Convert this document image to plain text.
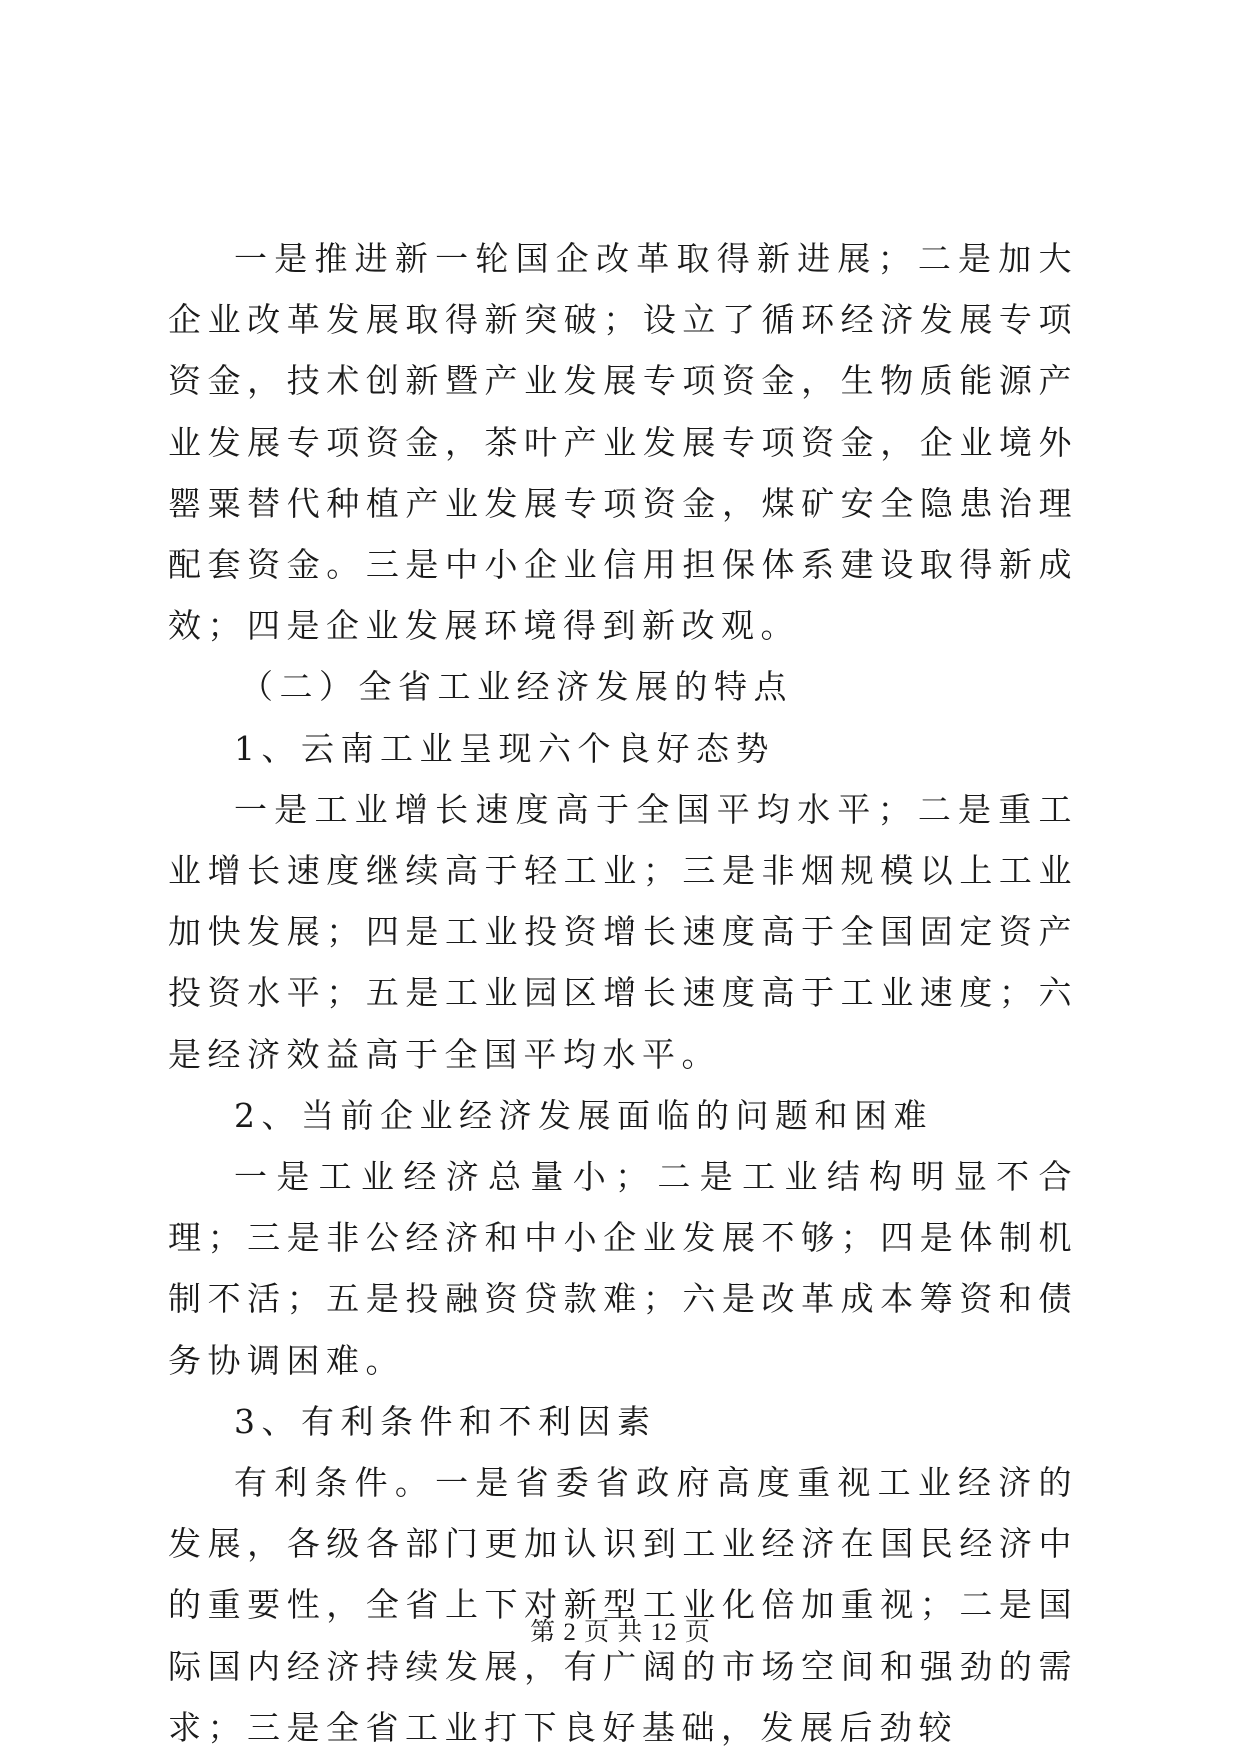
一是推进新一轮国企改革取得新进展；二是加大企业改革发展取得新突破；设立了循环经济发展专项资金，技术创新暨产业发展专项资金，生物质能源产业发展专项资金，茶叶产业发展专项资金，企业境外罂粟替代种植产业发展专项资金，煤矿安全隐患治理配套资金。三是中小企业信用担保体系建设取得新成效；四是企业发展环境得到新改观。

（二）全省工业经济发展的特点

1、云南工业呈现六个良好态势

一是工业增长速度高于全国平均水平；二是重工业增长速度继续高于轻工业；三是非烟规模以上工业加快发展；四是工业投资增长速度高于全国固定资产投资水平；五是工业园区增长速度高于工业速度；六是经济效益高于全国平均水平。

2、当前企业经济发展面临的问题和困难

一是工业经济总量小；二是工业结构明显不合理；三是非公经济和中小企业发展不够；四是体制机制不活；五是投融资贷款难；六是改革成本筹资和债务协调困难。

3、有利条件和不利因素

有利条件。一是省委省政府高度重视工业经济的发展，各级各部门更加认识到工业经济在国民经济中的重要性，全省上下对新型工业化倍加重视；二是国际国内经济持续发展，有广阔的市场空间和强劲的需求；三是全省工业打下良好基础，发展后劲较

第 2 页 共 12 页
